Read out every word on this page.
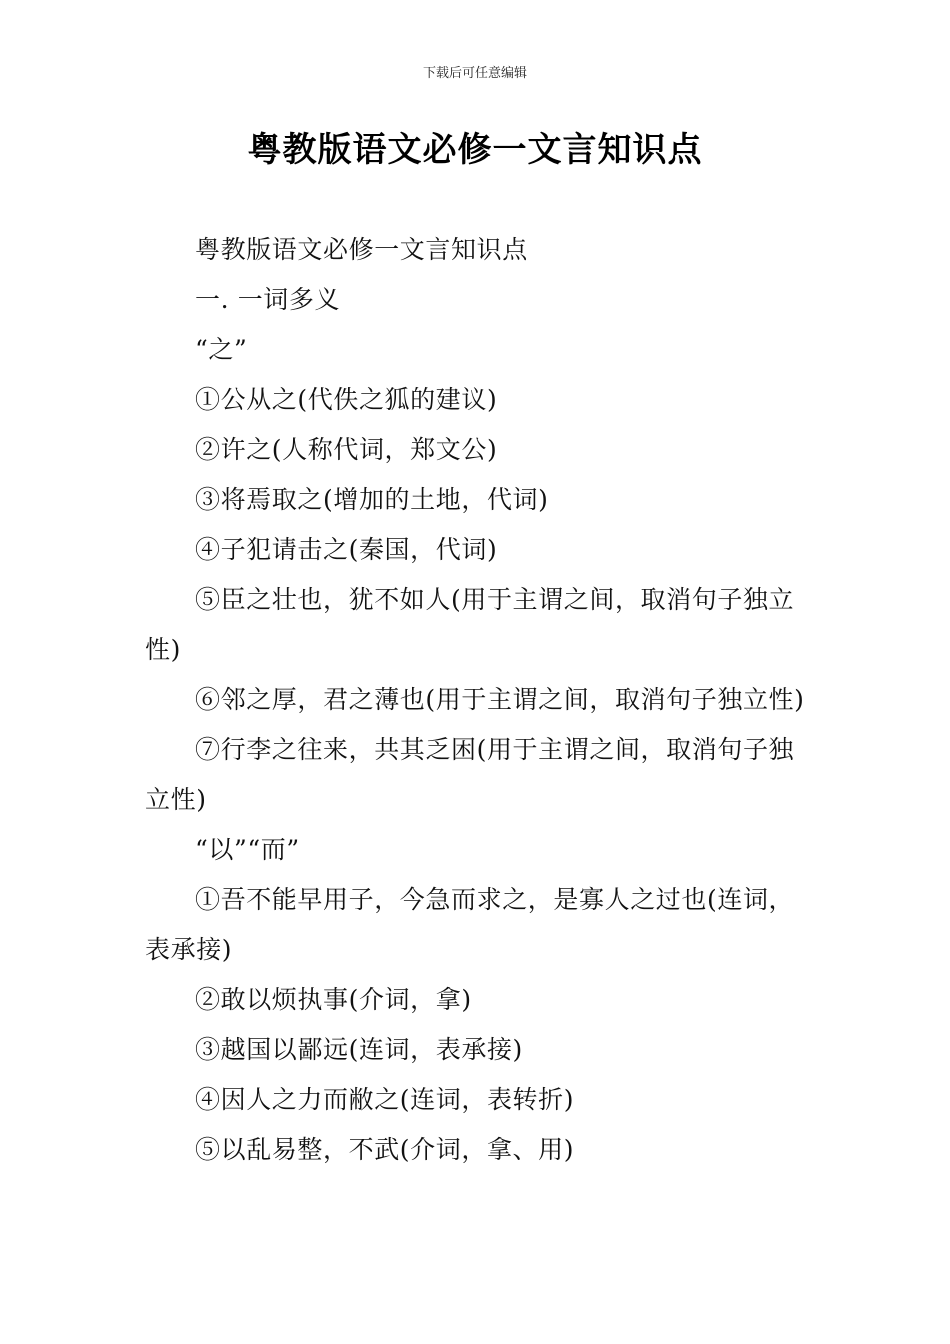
下载后可任意编辑
粤教版语文必修一文言知识点

粤教版语文必修一文言知识点

一. 一词多义

“之”

①公从之(代佚之狐的建议)

②许之(人称代词，郑文公)

③将焉取之(增加的土地，代词)

④子犯请击之(秦国，代词)

⑤臣之壮也，犹不如人(用于主谓之间，取消句子独立性)

⑥邻之厚，君之薄也(用于主谓之间，取消句子独立性)

⑦行李之往来，共其乏困(用于主谓之间，取消句子独立性)

“以”“而”

①吾不能早用子，今急而求之，是寡人之过也(连词，表承接)

②敢以烦执事(介词，拿)

③越国以鄙远(连词，表承接)

④因人之力而敝之(连词，表转折)

⑤以乱易整，不武(介词，拿、用)
